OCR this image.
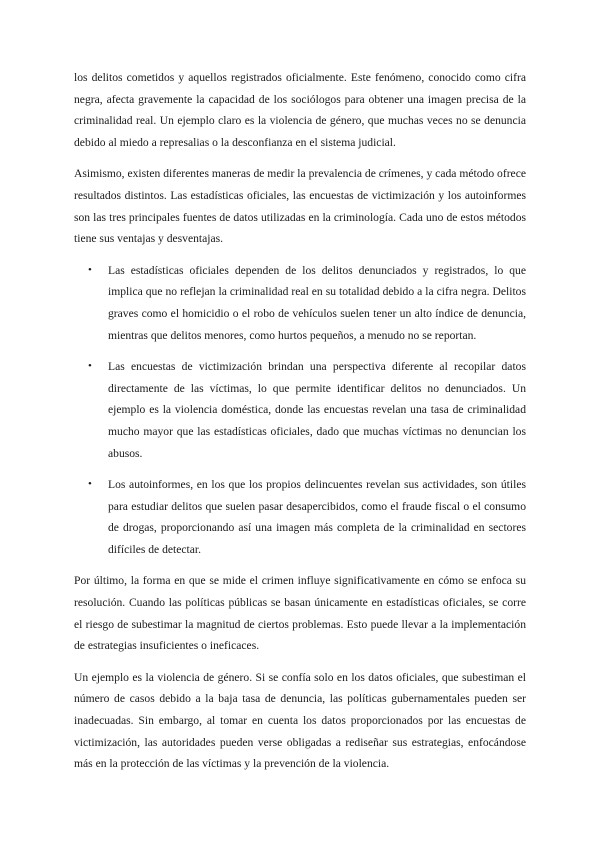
los delitos cometidos y aquellos registrados oficialmente. Este fenómeno, conocido como cifra negra, afecta gravemente la capacidad de los sociólogos para obtener una imagen precisa de la criminalidad real. Un ejemplo claro es la violencia de género, que muchas veces no se denuncia debido al miedo a represalias o la desconfianza en el sistema judicial.

Asimismo, existen diferentes maneras de medir la prevalencia de crímenes, y cada método ofrece resultados distintos. Las estadísticas oficiales, las encuestas de victimización y los autoinformes son las tres principales fuentes de datos utilizadas en la criminología. Cada uno de estos métodos tiene sus ventajas y desventajas.

• Las estadísticas oficiales dependen de los delitos denunciados y registrados, lo que implica que no reflejan la criminalidad real en su totalidad debido a la cifra negra. Delitos graves como el homicidio o el robo de vehículos suelen tener un alto índice de denuncia, mientras que delitos menores, como hurtos pequeños, a menudo no se reportan.
• Las encuestas de victimización brindan una perspectiva diferente al recopilar datos directamente de las víctimas, lo que permite identificar delitos no denunciados. Un ejemplo es la violencia doméstica, donde las encuestas revelan una tasa de criminalidad mucho mayor que las estadísticas oficiales, dado que muchas víctimas no denuncian los abusos.
• Los autoinformes, en los que los propios delincuentes revelan sus actividades, son útiles para estudiar delitos que suelen pasar desapercibidos, como el fraude fiscal o el consumo de drogas, proporcionando así una imagen más completa de la criminalidad en sectores difíciles de detectar.

Por último, la forma en que se mide el crimen influye significativamente en cómo se enfoca su resolución. Cuando las políticas públicas se basan únicamente en estadísticas oficiales, se corre el riesgo de subestimar la magnitud de ciertos problemas. Esto puede llevar a la implementación de estrategias insuficientes o ineficaces.

Un ejemplo es la violencia de género. Si se confía solo en los datos oficiales, que subestiman el número de casos debido a la baja tasa de denuncia, las políticas gubernamentales pueden ser inadecuadas. Sin embargo, al tomar en cuenta los datos proporcionados por las encuestas de victimización, las autoridades pueden verse obligadas a rediseñar sus estrategias, enfocándose más en la protección de las víctimas y la prevención de la violencia.
